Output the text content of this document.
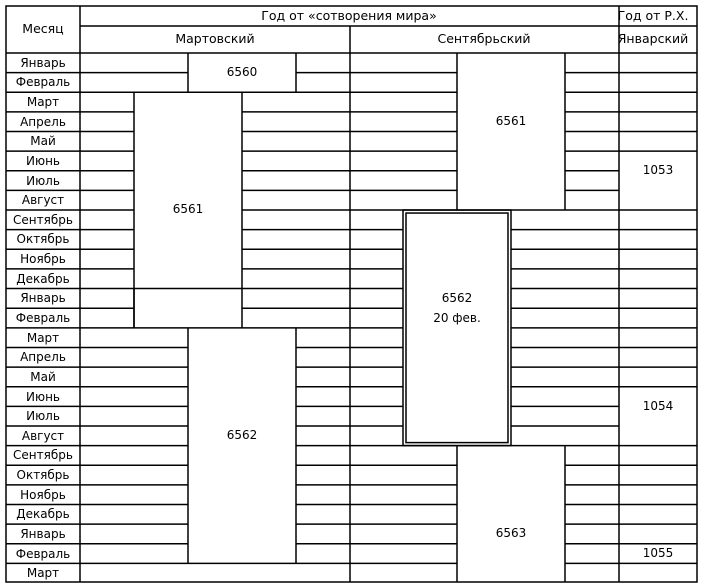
Месяц
Год от «сотворения мира»
Мартовский	Сентябрьский
Год от Р.Х.
Январский
Январь
Февраль
Март
Апрель
Май
Июнь
Июль
Август
Сентябрь
Октябрь
Ноябрь
Декабрь
Январь
Февраль
Март
Апрель
Май
Июнь
Июль
Август
Сентябрь
Октябрь
Ноябрь
Декабрь
Январь
Февраль
Март
6560
6561
6562
6561
6562
20 фев.
6563
1053
1054
1055
